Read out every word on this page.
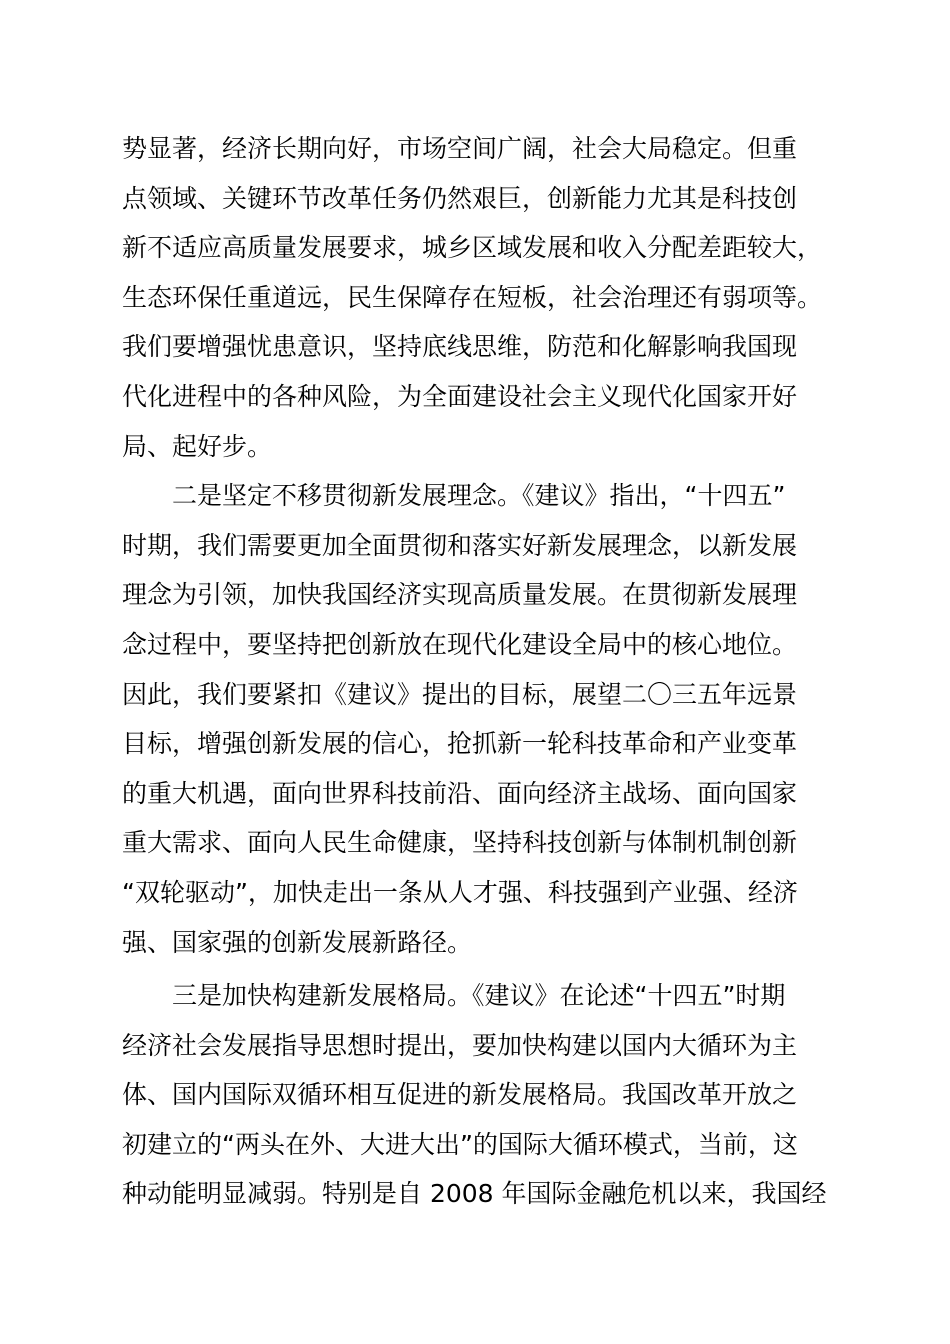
势显著，经济长期向好，市场空间广阔，社会大局稳定。但重
点领域、关键环节改革任务仍然艰巨，创新能力尤其是科技创
新不适应高质量发展要求，城乡区域发展和收入分配差距较大，
生态环保任重道远，民生保障存在短板，社会治理还有弱项等。
我们要增强忧患意识，坚持底线思维，防范和化解影响我国现
代化进程中的各种风险，为全面建设社会主义现代化国家开好
局、起好步。
二是坚定不移贯彻新发展理念。《建议》指出，“十四五”
时期，我们需要更加全面贯彻和落实好新发展理念，以新发展
理念为引领，加快我国经济实现高质量发展。在贯彻新发展理
念过程中，要坚持把创新放在现代化建设全局中的核心地位。
因此，我们要紧扣《建议》提出的目标，展望二〇三五年远景
目标，增强创新发展的信心，抢抓新一轮科技革命和产业变革
的重大机遇，面向世界科技前沿、面向经济主战场、面向国家
重大需求、面向人民生命健康，坚持科技创新与体制机制创新
“双轮驱动”，加快走出一条从人才强、科技强到产业强、经济
强、国家强的创新发展新路径。
三是加快构建新发展格局。《建议》在论述“十四五”时期
经济社会发展指导思想时提出，要加快构建以国内大循环为主
体、国内国际双循环相互促进的新发展格局。我国改革开放之
初建立的“两头在外、大进大出”的国际大循环模式，当前，这
种动能明显减弱。特别是自 2008 年国际金融危机以来，我国经
